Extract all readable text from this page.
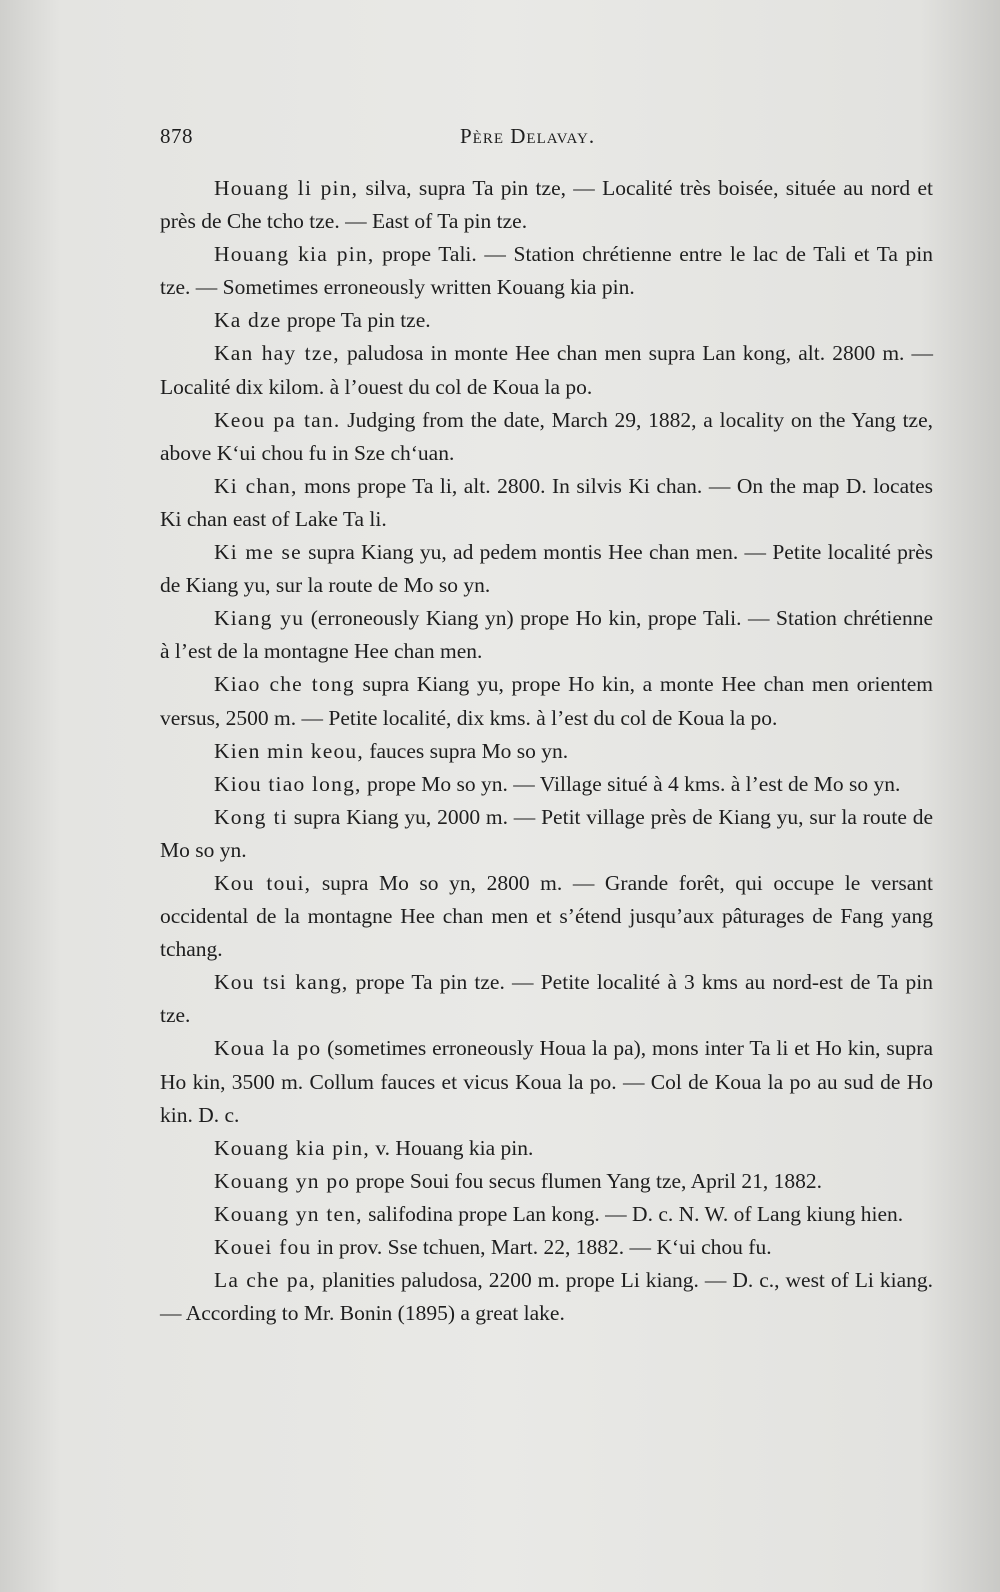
878	Père Delavay.

Houang li pin, silva, supra Ta pin tze, — Localité très boisée, située au nord et près de Che tcho tze. — East of Ta pin tze.

Houang kia pin, prope Tali. — Station chrétienne entre le lac de Tali et Ta pin tze. — Sometimes erroneously written Kouang kia pin.

Ka dze prope Ta pin tze.

Kan hay tze, paludosa in monte Hee chan men supra Lan kong, alt. 2800 m. — Localité dix kilom. à l’ouest du col de Koua la po.

Keou pa tan. Judging from the date, March 29, 1882, a locality on the Yang tze, above K‘ui chou fu in Sze ch‘uan.

Ki chan, mons prope Ta li, alt. 2800. In silvis Ki chan. — On the map D. locates Ki chan east of Lake Ta li.

Ki me se supra Kiang yu, ad pedem montis Hee chan men. — Petite localité près de Kiang yu, sur la route de Mo so yn.

Kiang yu (erroneously Kiang yn) prope Ho kin, prope Tali. — Station chrétienne à l’est de la montagne Hee chan men.

Kiao che tong supra Kiang yu, prope Ho kin, a monte Hee chan men orientem versus, 2500 m. — Petite localité, dix kms. à l’est du col de Koua la po.

Kien min keou, fauces supra Mo so yn.

Kiou tiao long, prope Mo so yn. — Village situé à 4 kms. à l’est de Mo so yn.

Kong ti supra Kiang yu, 2000 m. — Petit village près de Kiang yu, sur la route de Mo so yn.

Kou toui, supra Mo so yn, 2800 m. — Grande forêt, qui occupe le versant occidental de la montagne Hee chan men et s’étend jusqu’aux pâturages de Fang yang tchang.

Kou tsi kang, prope Ta pin tze. — Petite localité à 3 kms au nord-est de Ta pin tze.

Koua la po (sometimes erroneously Houa la pa), mons inter Ta li et Ho kin, supra Ho kin, 3500 m. Collum fauces et vicus Koua la po. — Col de Koua la po au sud de Ho kin. D. c.

Kouang kia pin, v. Houang kia pin.

Kouang yn po prope Soui fou secus flumen Yang tze, April 21, 1882.

Kouang yn ten, salifodina prope Lan kong. — D. c. N. W. of Lang kiung hien.

Kouei fou in prov. Sse tchuen, Mart. 22, 1882. — K‘ui chou fu.

La che pa, planities paludosa, 2200 m. prope Li kiang. — D. c., west of Li kiang. — According to Mr. Bonin (1895) a great lake.
